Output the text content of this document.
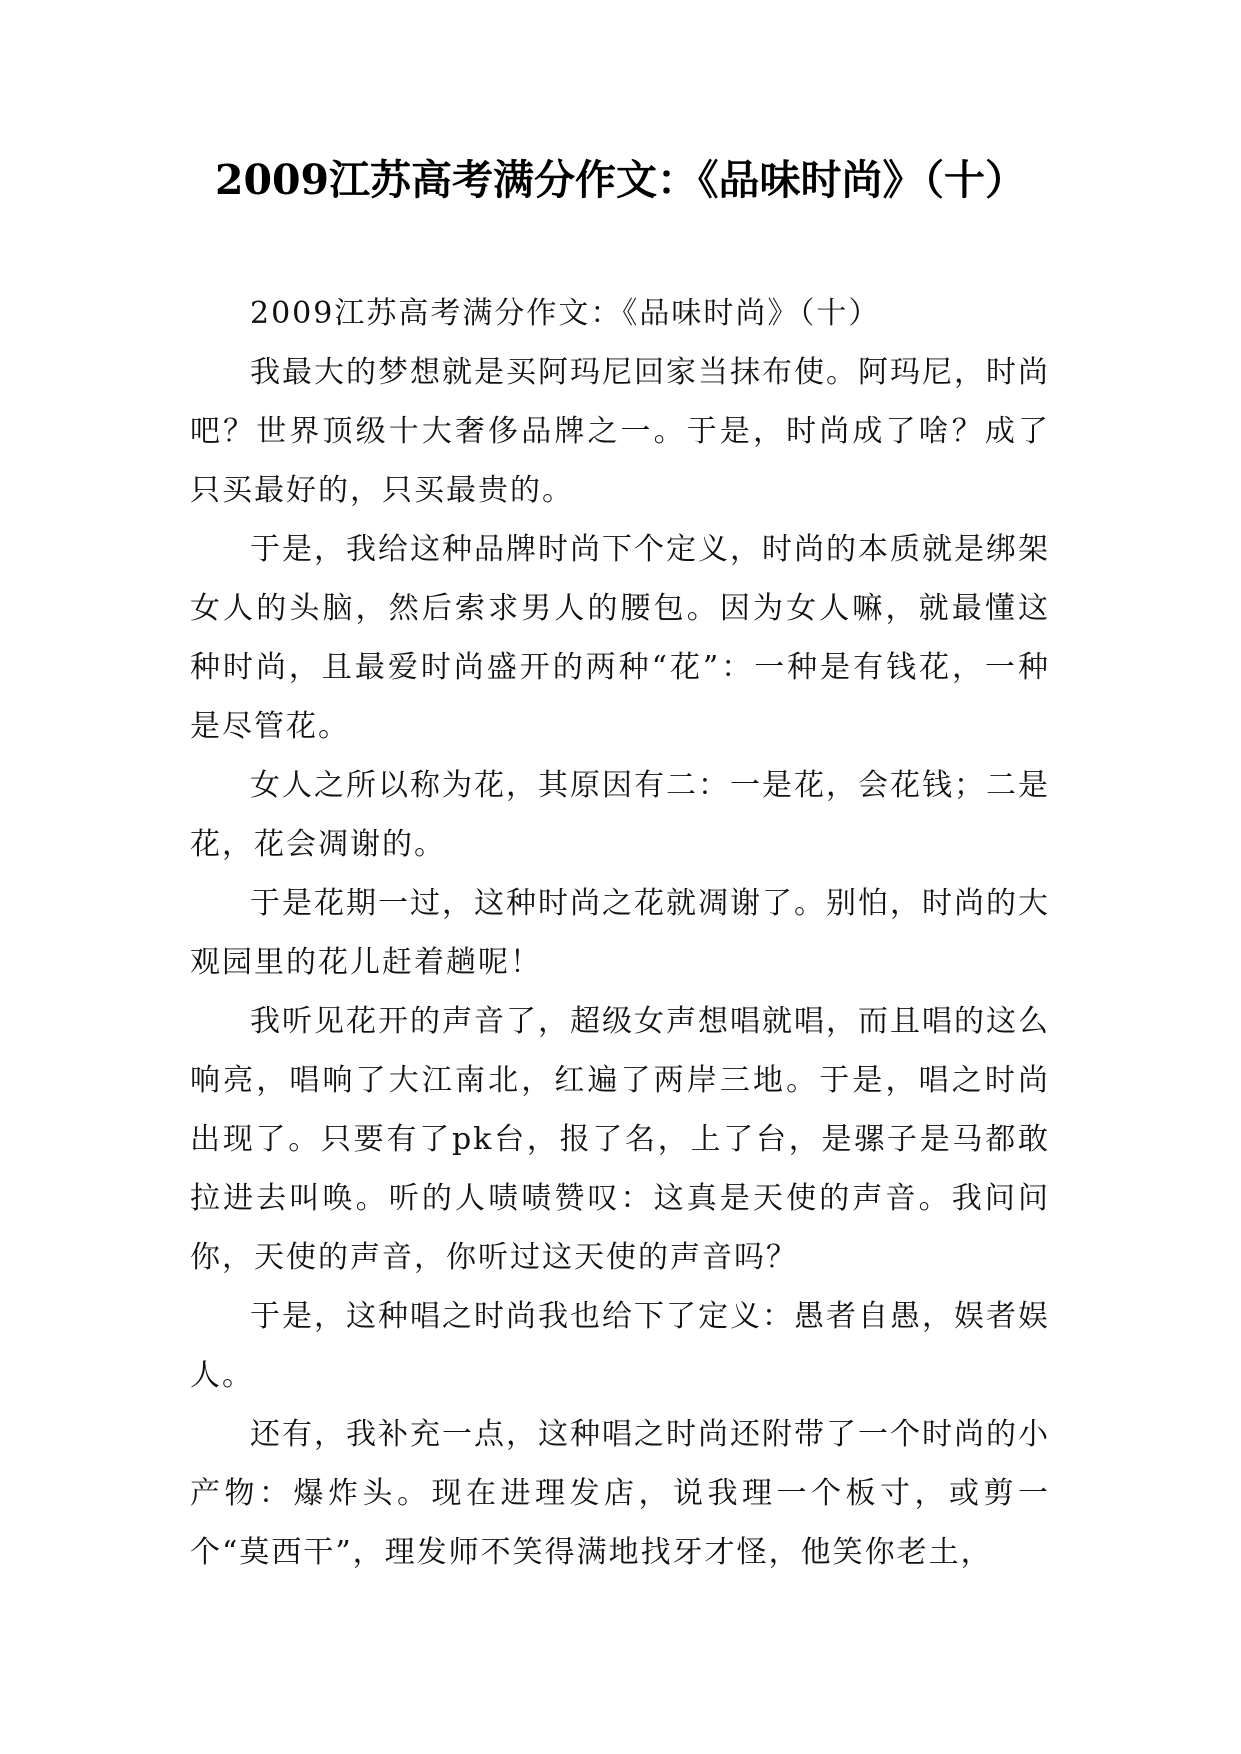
2009江苏高考满分作文：《品味时尚》（十）

2009江苏高考满分作文：《品味时尚》（十）

我最大的梦想就是买阿玛尼回家当抹布使。阿玛尼，时尚吧？世界顶级十大奢侈品牌之一。于是，时尚成了啥？成了只买最好的，只买最贵的。

于是，我给这种品牌时尚下个定义，时尚的本质就是绑架女人的头脑，然后索求男人的腰包。因为女人嘛，就最懂这种时尚，且最爱时尚盛开的两种“花”：一种是有钱花，一种是尽管花。

女人之所以称为花，其原因有二：一是花，会花钱；二是花，花会凋谢的。

于是花期一过，这种时尚之花就凋谢了。别怕，时尚的大观园里的花儿赶着趟呢！

我听见花开的声音了，超级女声想唱就唱，而且唱的这么响亮，唱响了大江南北，红遍了两岸三地。于是，唱之时尚出现了。只要有了pk台，报了名，上了台，是骡子是马都敢拉进去叫唤。听的人啧啧赞叹：这真是天使的声音。我问问你，天使的声音，你听过这天使的声音吗？

于是，这种唱之时尚我也给下了定义：愚者自愚，娱者娱人。

还有，我补充一点，这种唱之时尚还附带了一个时尚的小产物：爆炸头。现在进理发店，说我理一个板寸，或剪一个“莫西干”，理发师不笑得满地找牙才怪，他笑你老土，
